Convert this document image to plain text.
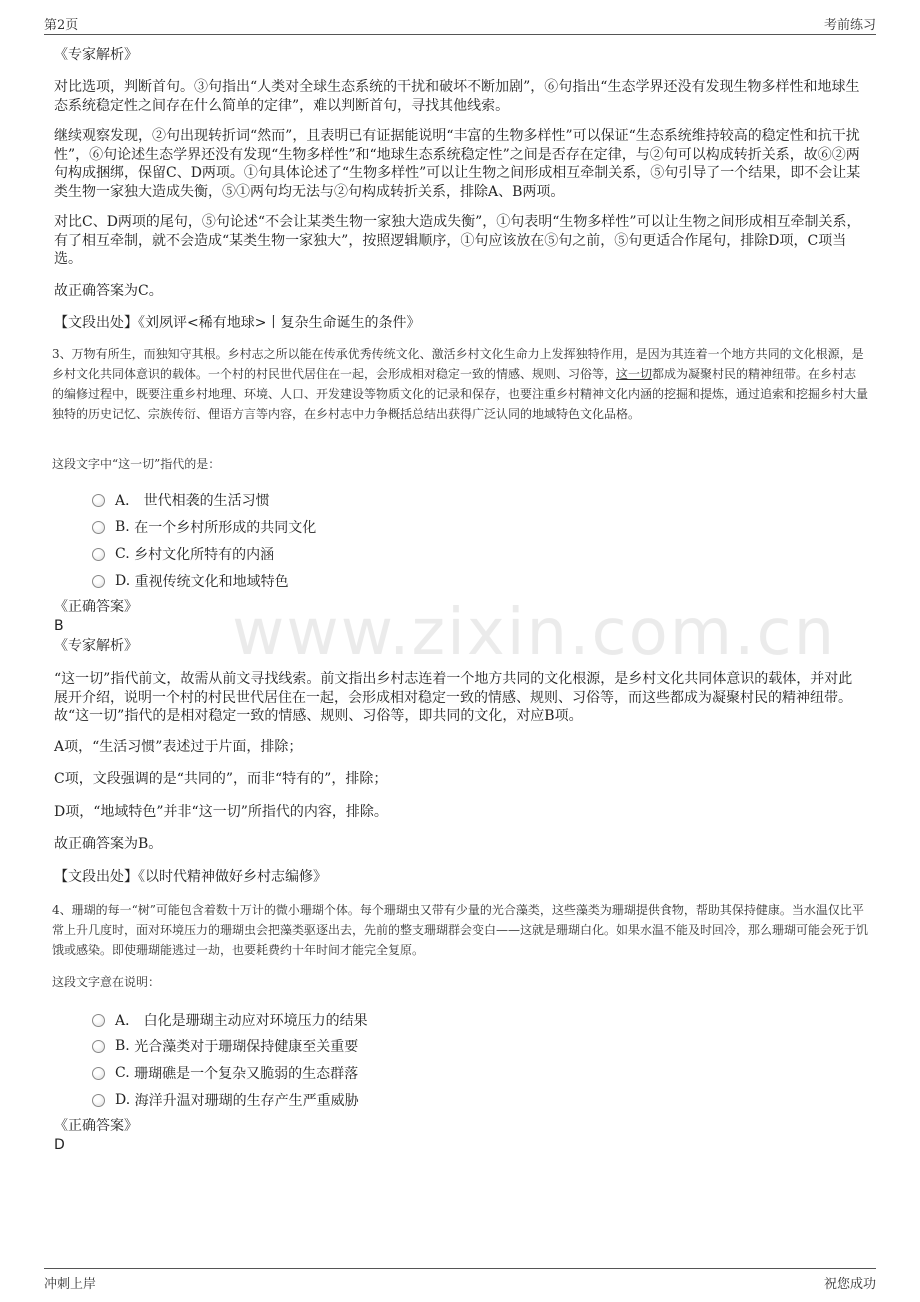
第2页	考前练习
www.zixin.com.cn
《专家解析》
对比选项，判断首句。③句指出“人类对全球生态系统的干扰和破坏不断加剧”，⑥句指出“生态学界还没有发现生物多样性和地球生态系统稳定性之间存在什么简单的定律”，难以判断首句，寻找其他线索。
继续观察发现，②句出现转折词“然而”，且表明已有证据能说明“丰富的生物多样性”可以保证“生态系统维持较高的稳定性和抗干扰性”，⑥句论述生态学界还没有发现“生物多样性”和“地球生态系统稳定性”之间是否存在定律，与②句可以构成转折关系，故⑥②两句构成捆绑，保留C、D两项。①句具体论述了“生物多样性”可以让生物之间形成相互牵制关系，⑤句引导了一个结果，即不会让某类生物一家独大造成失衡，⑤①两句均无法与②句构成转折关系，排除A、B两项。
对比C、D两项的尾句，⑤句论述“不会让某类生物一家独大造成失衡”，①句表明“生物多样性”可以让生物之间形成相互牵制关系，有了相互牵制，就不会造成“某类生物一家独大”，按照逻辑顺序，①句应该放在⑤句之前，⑤句更适合作尾句，排除D项，C项当选。
故正确答案为C。
【文段出处】《刘夙评<稀有地球>丨复杂生命诞生的条件》
3、万物有所生，而独知守其根。乡村志之所以能在传承优秀传统文化、激活乡村文化生命力上发挥独特作用，是因为其连着一个地方共同的文化根源，是乡村文化共同体意识的载体。一个村的村民世代居住在一起，会形成相对稳定一致的情感、规则、习俗等，这一切都成为凝聚村民的精神纽带。在乡村志的编修过程中，既要注重乡村地理、环境、人口、开发建设等物质文化的记录和保存，也要注重乡村精神文化内涵的挖掘和提炼，通过追索和挖掘乡村大量独特的历史记忆、宗族传衍、俚语方言等内容，在乡村志中力争概括总结出获得广泛认同的地域特色文化品格。
这段文字中“这一切”指代的是：
A．
世代相袭的生活习惯
B.
在一个乡村所形成的共同文化
C.
乡村文化所特有的内涵
D.
重视传统文化和地域特色
《正确答案》
B
《专家解析》
“这一切”指代前文，故需从前文寻找线索。前文指出乡村志连着一个地方共同的文化根源，是乡村文化共同体意识的载体，并对此展开介绍，说明一个村的村民世代居住在一起，会形成相对稳定一致的情感、规则、习俗等，而这些都成为凝聚村民的精神纽带。故“这一切”指代的是相对稳定一致的情感、规则、习俗等，即共同的文化，对应B项。
A项，“生活习惯”表述过于片面，排除；
C项，文段强调的是“共同的”，而非“特有的”，排除；
D项，“地域特色”并非“这一切”所指代的内容，排除。
故正确答案为B。
【文段出处】《以时代精神做好乡村志编修》
4、珊瑚的每一“树”可能包含着数十万计的微小珊瑚个体。每个珊瑚虫又带有少量的光合藻类，这些藻类为珊瑚提供食物，帮助其保持健康。当水温仅比平常上升几度时，面对环境压力的珊瑚虫会把藻类驱逐出去，先前的整支珊瑚群会变白——这就是珊瑚白化。如果水温不能及时回冷，那么珊瑚可能会死于饥饿或感染。即使珊瑚能逃过一劫，也要耗费约十年时间才能完全复原。
这段文字意在说明：
A．
白化是珊瑚主动应对环境压力的结果
B.
光合藻类对于珊瑚保持健康至关重要
C.
珊瑚礁是一个复杂又脆弱的生态群落
D.
海洋升温对珊瑚的生存产生严重威胁
《正确答案》
D
冲刺上岸	祝您成功
